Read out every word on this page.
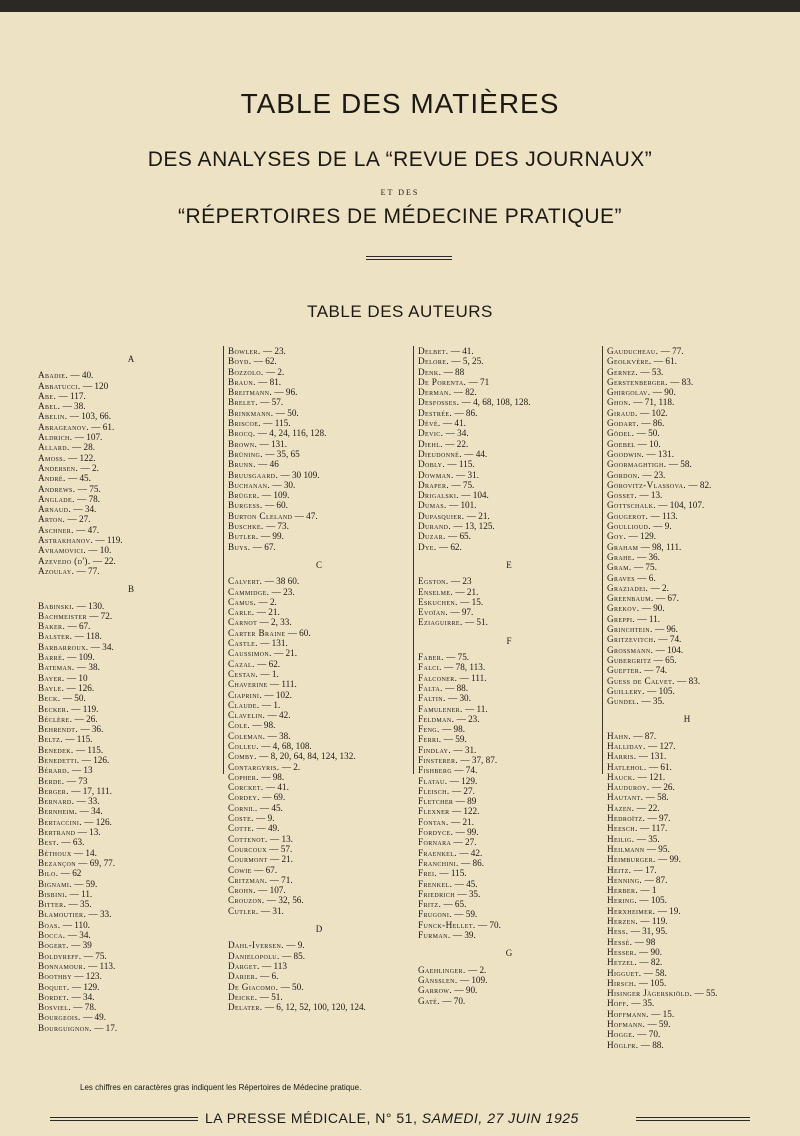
TABLE DES MATIÈRES
DES ANALYSES DE LA “REVUE DES JOURNAUX”
ET DES
“RÉPERTOIRES DE MÉDECINE PRATIQUE”
TABLE DES AUTEURS
A
Abadie. — 40.
Abbatucci. — 120
Abe. — 117.
Abel. — 38.
Abelin. — 103, 66.
Abrageanov. — 61.
Aldrich. — 107.
Allard. — 28.
Amoss. — 122.
Andersen. — 2.
André. — 45.
Andrews. — 75.
Anglade. — 78.
Arnaud. — 34.
Arton. — 27.
Aschner. — 47.
Astrakhanov. — 119.
Avramovici. — 10.
Azevedo (d'). — 22.
Azoulay. — 77.
B
Babinski. — 130.
Bachmeister — 72.
Baker. — 67.
Balster. — 118.
Barbarroux. — 34.
Barré. — 109.
Bateman. — 38.
Bayer. — 10
Bayle. — 126.
Beck. — 50.
Becker. — 119.
Béclère. — 26.
Behrendt. — 36.
Beltz. — 115.
Benedek. — 115.
Benedetti. — 126.
Bérard. — 13
Berde. — 73
Berger. — 17, 111.
Bernard. — 33.
Bernheim. — 34.
Bertaccini. — 126.
Bertrand — 13.
Best. — 63.
Béthoux — 14.
Bezançon — 69, 77.
Bilo. — 62
Bignami. — 59.
Bisbini. — 11.
Bitter. — 35.
Blamoutier. — 33.
Boas. — 110.
Bocca. — 34.
Bogert. — 39
Boldyreff. — 75.
Bonnamour. — 113.
Boothby — 123.
Boquet. — 129.
Bordet. — 34.
Bosviel. — 78.
Bourgeois. — 49.
Bourguignon. — 17.
Bowler. — 23.
Boyd. — 62.
Bozzolo. — 2.
Braun. — 81.
Breitmann. — 96.
Brelet. — 57.
Brinkmann. — 50.
Briscoe. — 115.
Brocq. — 4, 24, 116, 128.
Brown. — 131.
Brüning. — 35, 65
Brunn. — 46
Bruusgaard. — 30 109.
Buchanan. — 30.
Brüger. — 109.
Burgess. — 60.
Burton Cleland — 47.
Buschke. — 73.
Butler. — 99.
Buys. — 67.
C
Calvert. — 38 60.
Cammidge. — 23.
Camus. — 2.
Carle. — 21.
Carnot — 2, 33.
Carter Braine — 60.
Castle. — 131.
Caussimon. — 21.
Cazal. — 62.
Cestan. — 1.
Chaverine — 111.
Ciaprini. — 102.
Claude. — 1.
Clavelin. — 42.
Cole. — 98.
Coleman. — 38.
Colleu. — 4, 68, 108.
Comby. — 8, 20, 64, 84, 124, 132.
Contargyris. — 2.
Copher. — 98.
Corcket. — 41.
Cordey. — 69.
Cornil. — 45.
Coste. — 9.
Cotte. — 49.
Cottenot. — 13.
Courcoux — 57.
Courmont — 21.
Cowie — 67.
Critzman. — 71.
Crohn. — 107.
Crouzon. — 32, 56.
Cutler. — 31.
D
Dahl-Iversen. — 9.
Danielopolu. — 85.
Darget. — 113
Darier. — 6.
De Giacomo. — 50.
Deicke. — 51.
Delater. — 6, 12, 52, 100, 120, 124.
Delbet. — 41.
Delore. — 5, 25.
Denk. — 88
De Porenta. — 71
Derman. — 82.
Desfosses. — 4, 68, 108, 128.
Destrée. — 86.
Dévé. — 41.
Devic. — 34.
Diehl. — 22.
Dieudonné. — 44.
Dobly. — 115.
Dowman. — 31.
Draper. — 75.
Drigalski. — 104.
Dumas. — 101.
Dupasquier. — 21.
Durand. — 13, 125.
Duzar. — 65.
Dye. — 62.
E
Egston. — 23
Enselme. — 21.
Eskuchen. — 15.
Evoïan. — 97.
Eziaguirre. — 51.
F
Faber. — 75.
Falci. — 78, 113.
Falconer. — 111.
Falta. — 88.
Faltin. — 30.
Famulener. — 11.
Feldman. — 23.
Feng. — 98.
Ferri. — 59.
Findlay. — 31.
Finsterer. — 37, 87.
Fishberg — 74.
Flatau. — 129.
Fleisch. — 27.
Fletcher — 89
Flexner — 122.
Fontan. — 21.
Fordyce. — 99.
Fornara — 27.
Fraenkel. — 42.
Franchini. — 86.
Frei. — 115.
Frenkel. — 45.
Friedrich — 35.
Fritz. — 65.
Frugoni. — 59.
Funck-Hellet. — 70.
Furman. — 39.
G
Gaehlinger. — 2.
Gänsslen. — 109.
Garrow. — 90.
Gaté. — 70.
Gauducheau. — 77.
Geolkvère. — 61.
Gernez. — 53.
Gerstenberger. — 83.
Ghirgolav. — 90.
Ghon. — 71, 118.
Giraud. — 102.
Godart. — 86.
Gödel. — 50.
Goebel — 10.
Goodwin. — 131.
Goormaghtigh. — 58.
Gordon. — 23.
Gorovitz-Vlassova. — 82.
Gosset. — 13.
Gottschalk. — 104, 107.
Gougerot. — 113.
Goullioud. — 9.
Goy. — 129.
Graham — 98, 111.
Grahe. — 36.
Gram. — 75.
Graves — 6.
Graziadei. — 2.
Greenbaum. — 67.
Grekov. — 90.
Greppi. — 11.
Grinchtein. — 96.
Gritzevitch. — 74.
Grossmann. — 104.
Gubergritz — 65.
Guefter. — 74.
Guess de Calvet. — 83.
Guillery. — 105.
Gundel. — 35.
H
Hahn. — 87.
Halliday. — 127.
Harris. — 131.
Hatlehol. — 61.
Hauck. — 121.
Hauduroy. — 26.
Hautant. — 58.
Hazen. — 22.
Hedroïtz. — 97.
Heesch. — 117.
Heilig. — 35.
Heilmann — 95.
Heimburger. — 99.
Heitz. — 17.
Henning. — 87.
Herber. — 1
Hering. — 105.
Herxheimer. — 19.
Herzen. — 119.
Hess. — 31, 95.
Hessé. — 98
Hesser. — 90.
Hetzel. — 82.
Higguet. — 58.
Hirsch. — 105.
Hisinger Jägerskiöld. — 55.
Hoff. — 35.
Hoffmann. — 15.
Hofmann. — 59.
Hogge. — 70.
Höglfr. — 88.
Les chiffres en caractères gras indiquent les Répertoires de Médecine pratique.
LA PRESSE MÉDICALE, N° 51, SAMEDI, 27 JUIN 1925
